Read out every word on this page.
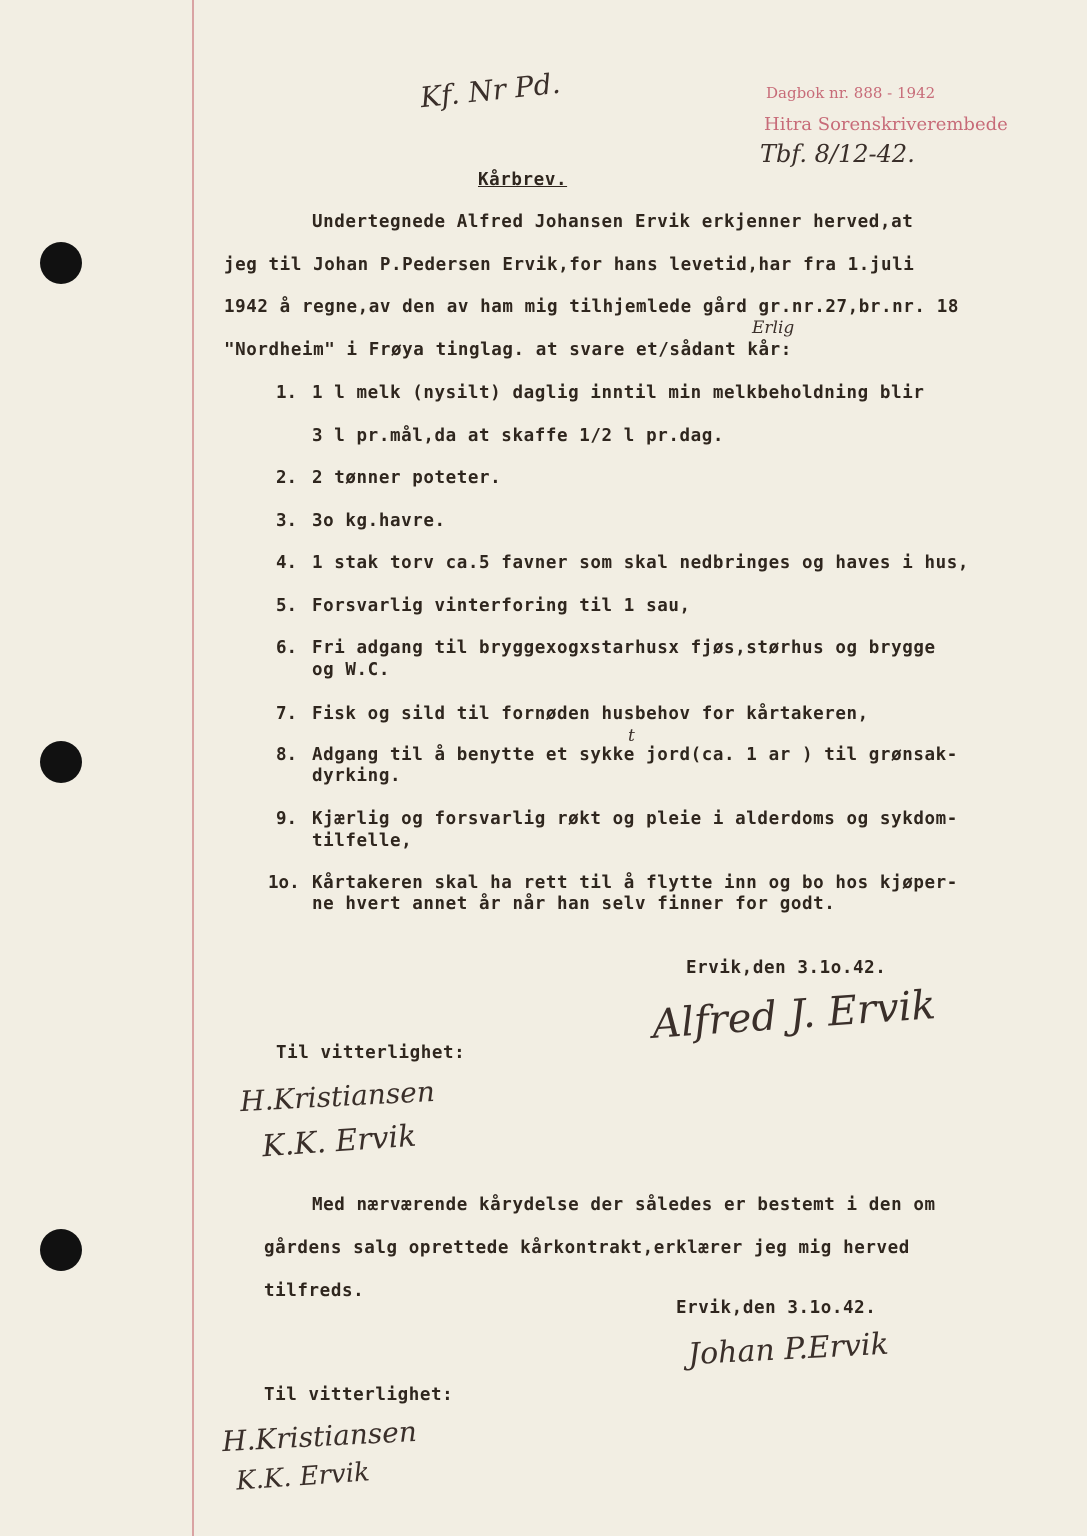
Kf. Nr Pd.	Dagbok nr. 888 - 1942
Hitra Sorenskriverembede
Tbf. 8/12-42.
Kårbrev.
Undertegnede Alfred Johansen Ervik erkjenner herved,at
jeg til Johan P.Pedersen Ervik,for hans levetid,har fra 1.juli
1942 å regne,av den av ham mig tilhjemlede gård gr.nr.27,br.nr. 18
Erlig
"Nordheim" i Frøya tinglag. at svare et/sådant kår:
1. 1 l melk (nysilt) daglig inntil min melkbeholdning blir
3 l pr.mål,da at skaffe 1/2 l pr.dag.
2. 2 tønner poteter.
3. 3o kg.havre.
4. 1 stak torv ca.5 favner som skal nedbringes og haves i hus,
5. Forsvarlig vinterforing til 1 sau,
6. Fri adgang til bryggexogxstarhusx fjøs,størhus og brygge
og W.C.
7. Fisk og sild til fornøden husbehov for kårtakeren,
t
8. Adgang til å benytte et sykke jord(ca. 1 ar ) til grønsak-
dyrking.
9. Kjærlig og forsvarlig røkt og pleie i alderdoms og sykdom-
tilfelle,
1o. Kårtakeren skal ha rett til å flytte inn og bo hos kjøper-
ne hvert annet år når han selv finner for godt.
Ervik,den 3.1o.42.
Alfred J. Ervik
Til vitterlighet:
H.Kristiansen
K.K. Ervik
Med nærværende kårydelse der således er bestemt i den om
gårdens salg oprettede kårkontrakt,erklærer jeg mig herved
tilfreds.
Ervik,den 3.1o.42.
Johan P.Ervik
Til vitterlighet:
H.Kristiansen
K.K. Ervik
